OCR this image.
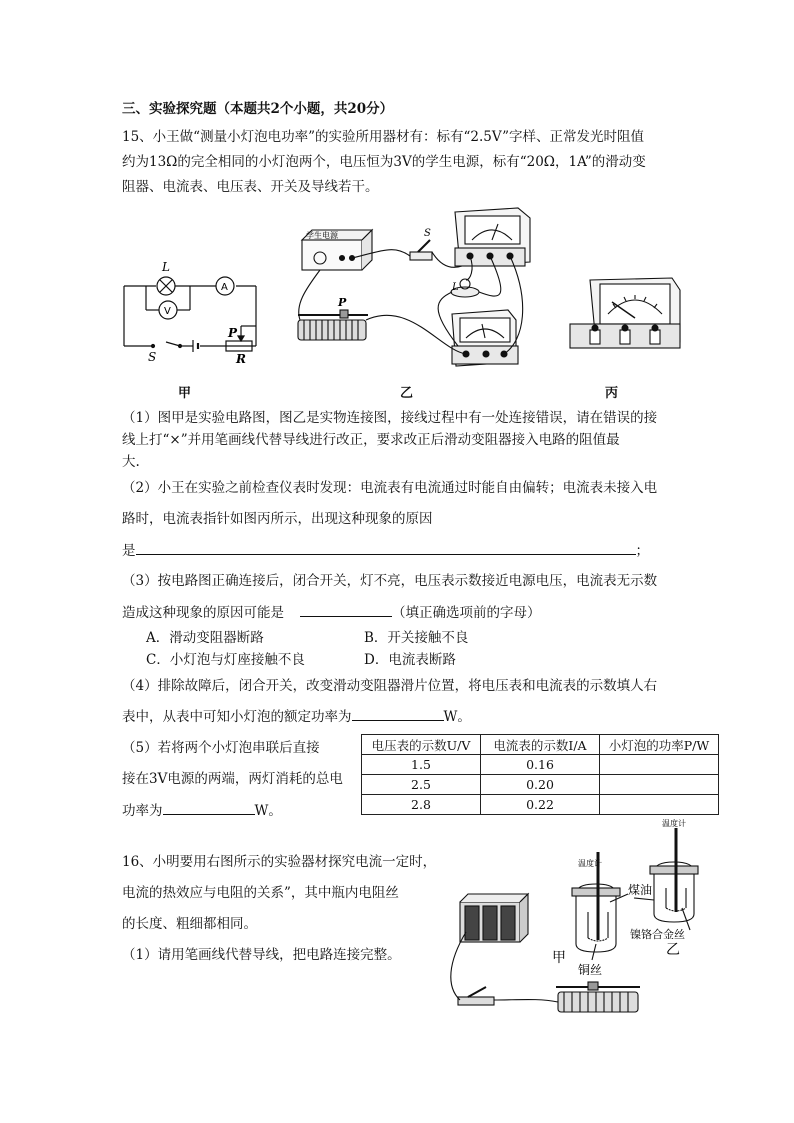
三、实验探究题（本题共2个小题，共20分）
15、小王做“测量小灯泡电功率”的实验所用器材有：标有“2.5V”字样、正常发光时阻值
约为13Ω的完全相同的小灯泡两个，电压恒为3V的学生电源，标有“20Ω，1A”的滑动变
阻器、电流表、电压表、开关及导线若干。
L
A
V
P
S	R
学生电源	S
L
P
甲	乙	丙
（1）图甲是实验电路图，图乙是实物连接图，接线过程中有一处连接错误，请在错误的接
线上打“×”并用笔画线代替导线进行改正，要求改正后滑动变阻器接入电路的阻值最
大.
（2）小王在实验之前检查仪表时发现：电流表有电流通过时能自由偏转；电流表未接入电
路时，电流表指针如图丙所示，出现这种现象的原因
是	；
（3）按电路图正确连接后，闭合开关，灯不亮，电压表示数接近电源电压，电流表无示数
造成这种现象的原因可能是	（填正确选项前的字母）
A．滑动变阻器断路	B．开关接触不良
C．小灯泡与灯座接触不良	D．电流表断路
（4）排除故障后，闭合开关，改变滑动变阻器滑片位置，将电压表和电流表的示数填人右
表中，从表中可知小灯泡的额定功率为	W。
（5）若将两个小灯泡串联后直接
接在3V电源的两端，两灯消耗的总电
功率为	W。
电压表的示数U/V	电流表的示数I/A	小灯泡的功率P/W
1.5	0.16	
2.5	0.20	
2.8	0.22	
16、小明要用右图所示的实验器材探究电流一定时，
电流的热效应与电阻的关系”，其中瓶内电阻丝
的长度、粗细都相同。
（1）请用笔画线代替导线，把电路连接完整。
温度计
温度计
煤油
镍铬合金丝
铜丝
甲	乙
